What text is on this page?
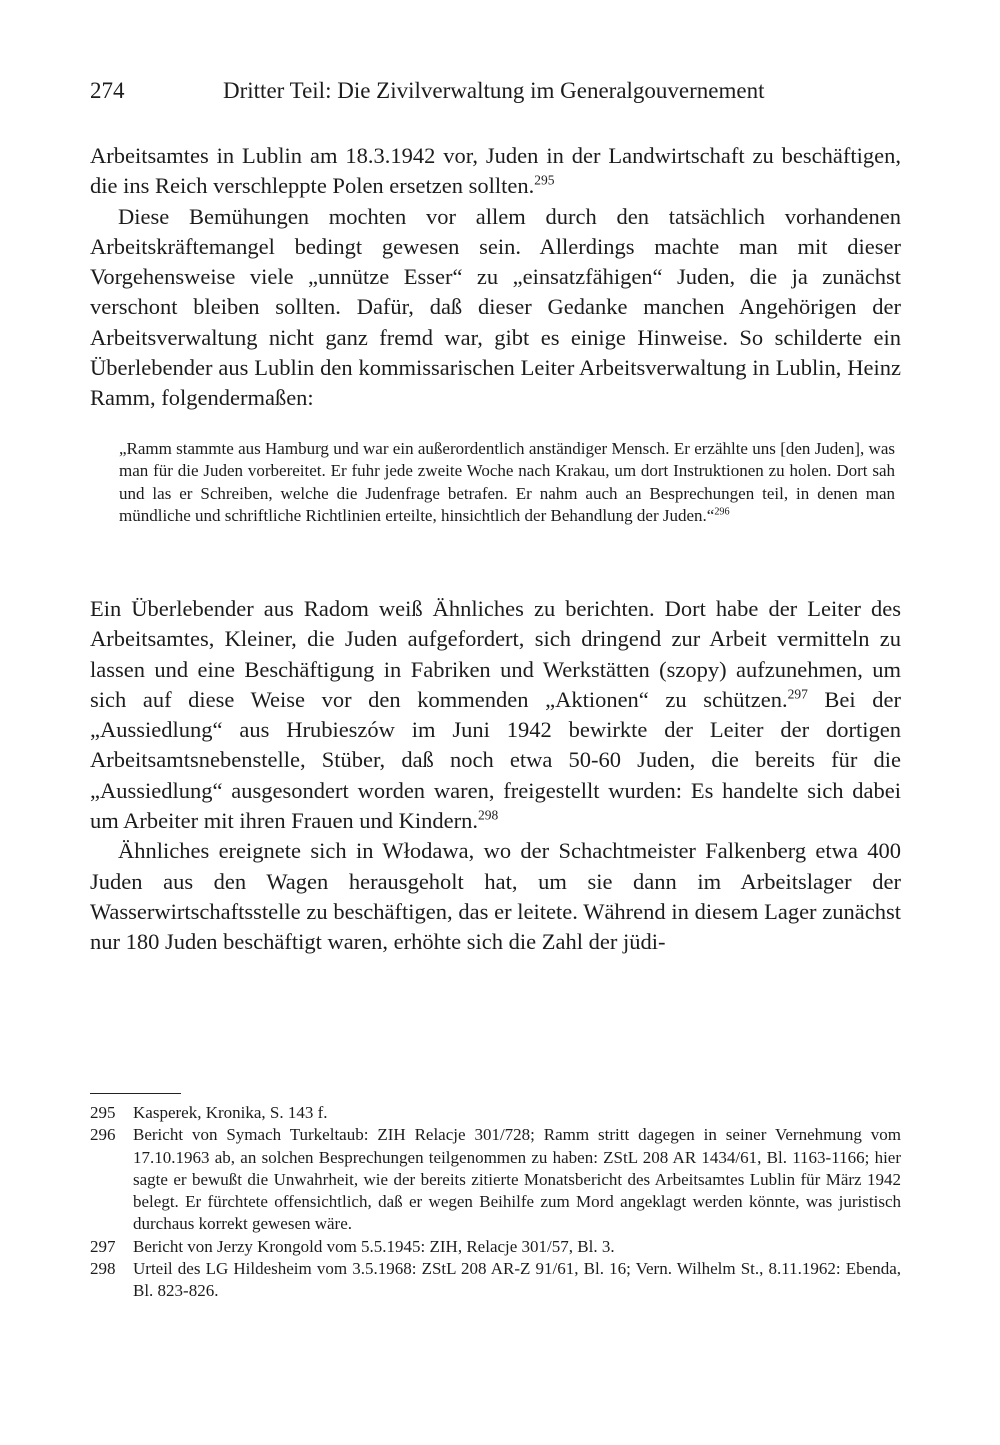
274	Dritter Teil: Die Zivilverwaltung im Generalgouvernement

Arbeitsamtes in Lublin am 18.3.1942 vor, Juden in der Landwirtschaft zu beschäftigen, die ins Reich verschleppte Polen ersetzen sollten.$^{295}$

Diese Bemühungen mochten vor allem durch den tatsächlich vorhandenen Arbeitskräftemangel bedingt gewesen sein. Allerdings machte man mit dieser Vorgehensweise viele „unnütze Esser“ zu „einsatzfähigen“ Juden, die ja zunächst verschont bleiben sollten. Dafür, daß dieser Gedanke manchen Angehörigen der Arbeitsverwaltung nicht ganz fremd war, gibt es einige Hinweise. So schilderte ein Überlebender aus Lublin den kommissarischen Leiter Arbeitsverwaltung in Lublin, Heinz Ramm, folgendermaßen:

„Ramm stammte aus Hamburg und war ein außerordentlich anständiger Mensch. Er erzählte uns [den Juden], was man für die Juden vorbereitet. Er fuhr jede zweite Woche nach Krakau, um dort Instruktionen zu holen. Dort sah und las er Schreiben, welche die Judenfrage betrafen. Er nahm auch an Besprechungen teil, in denen man mündliche und schriftliche Richtlinien erteilte, hinsichtlich der Behandlung der Juden.“$^{296}$

Ein Überlebender aus Radom weiß Ähnliches zu berichten. Dort habe der Leiter des Arbeitsamtes, Kleiner, die Juden aufgefordert, sich dringend zur Arbeit vermitteln zu lassen und eine Beschäftigung in Fabriken und Werkstätten (szopy) aufzunehmen, um sich auf diese Weise vor den kommenden „Aktionen“ zu schützen.$^{297}$ Bei der „Aussiedlung“ aus Hrubieszów im Juni 1942 bewirkte der Leiter der dortigen Arbeitsamtsnebenstelle, Stüber, daß noch etwa 50-60 Juden, die bereits für die „Aussiedlung“ ausgesondert worden waren, freigestellt wurden: Es handelte sich dabei um Arbeiter mit ihren Frauen und Kindern.$^{298}$

Ähnliches ereignete sich in Włodawa, wo der Schachtmeister Falkenberg etwa 400 Juden aus den Wagen herausgeholt hat, um sie dann im Arbeitslager der Wasserwirtschaftsstelle zu beschäftigen, das er leitete. Während in diesem Lager zunächst nur 180 Juden beschäftigt waren, erhöhte sich die Zahl der jüdi-

295 Kasperek, Kronika, S. 143 f.
296 Bericht von Symach Turkeltaub: ZIH Relacje 301/728; Ramm stritt dagegen in seiner Vernehmung vom 17.10.1963 ab, an solchen Besprechungen teilgenommen zu haben: ZStL 208 AR 1434/61, Bl. 1163-1166; hier sagte er bewußt die Unwahrheit, wie der bereits zitierte Monatsbericht des Arbeitsamtes Lublin für März 1942 belegt. Er fürchtete offensichtlich, daß er wegen Beihilfe zum Mord angeklagt werden könnte, was juristisch durchaus korrekt gewesen wäre.
297 Bericht von Jerzy Krongold vom 5.5.1945: ZIH, Relacje 301/57, Bl. 3.
298 Urteil des LG Hildesheim vom 3.5.1968: ZStL 208 AR-Z 91/61, Bl. 16; Vern. Wilhelm St., 8.11.1962: Ebenda, Bl. 823-826.
